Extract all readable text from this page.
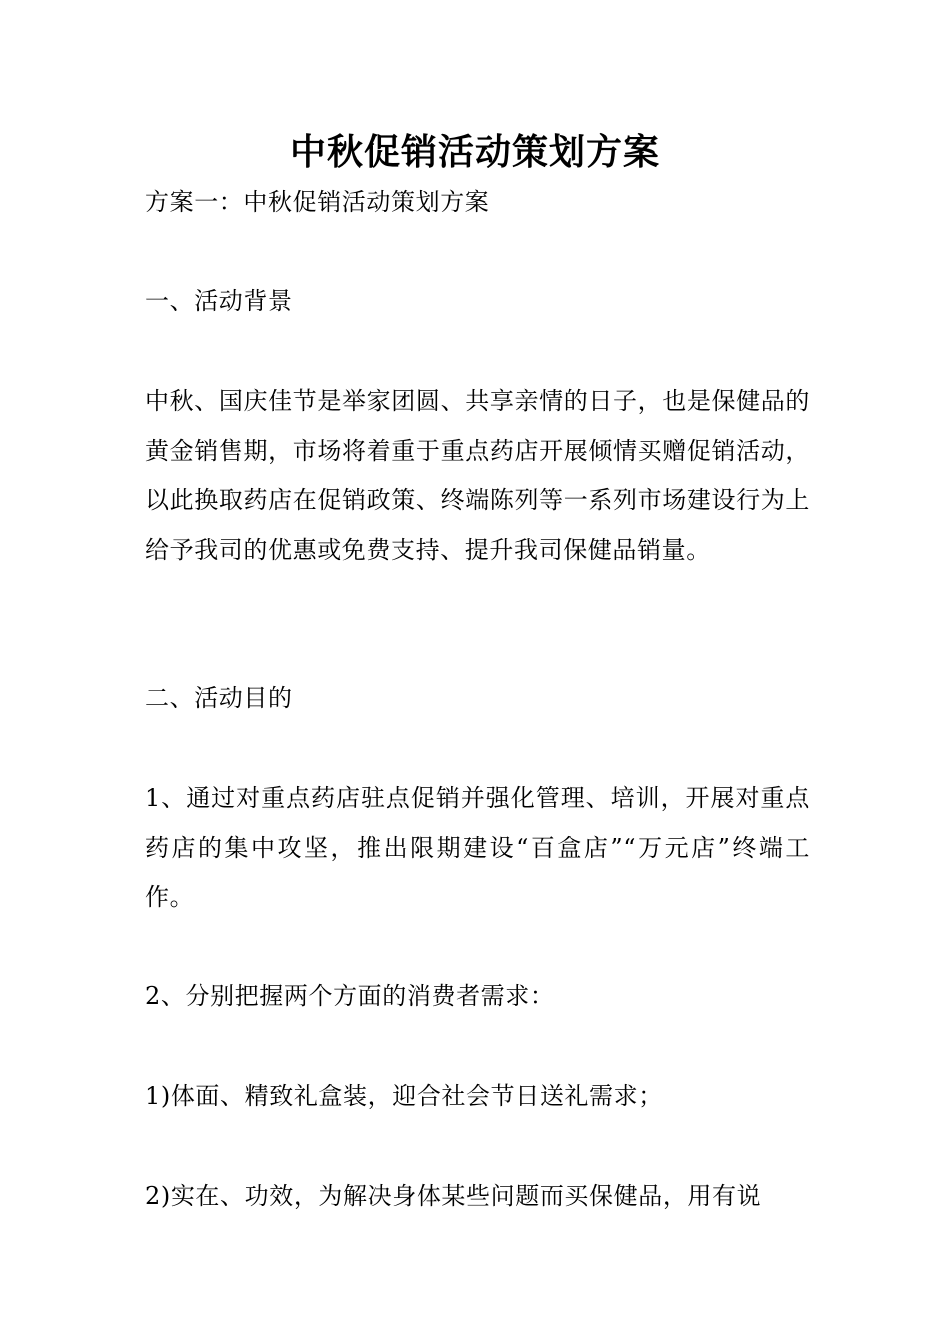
中秋促销活动策划方案
方案一：中秋促销活动策划方案
一、活动背景
中秋、国庆佳节是举家团圆、共享亲情的日子，也是保健品的黄金销售期，市场将着重于重点药店开展倾情买赠促销活动，以此换取药店在促销政策、终端陈列等一系列市场建设行为上给予我司的优惠或免费支持、提升我司保健品销量。
二、活动目的
1、通过对重点药店驻点促销并强化管理、培训，开展对重点药店的集中攻坚，推出限期建设“百盒店”“万元店”终端工作。
2、分别把握两个方面的消费者需求：
1)体面、精致礼盒装，迎合社会节日送礼需求；
2)实在、功效，为解决身体某些问题而买保健品，用有说
